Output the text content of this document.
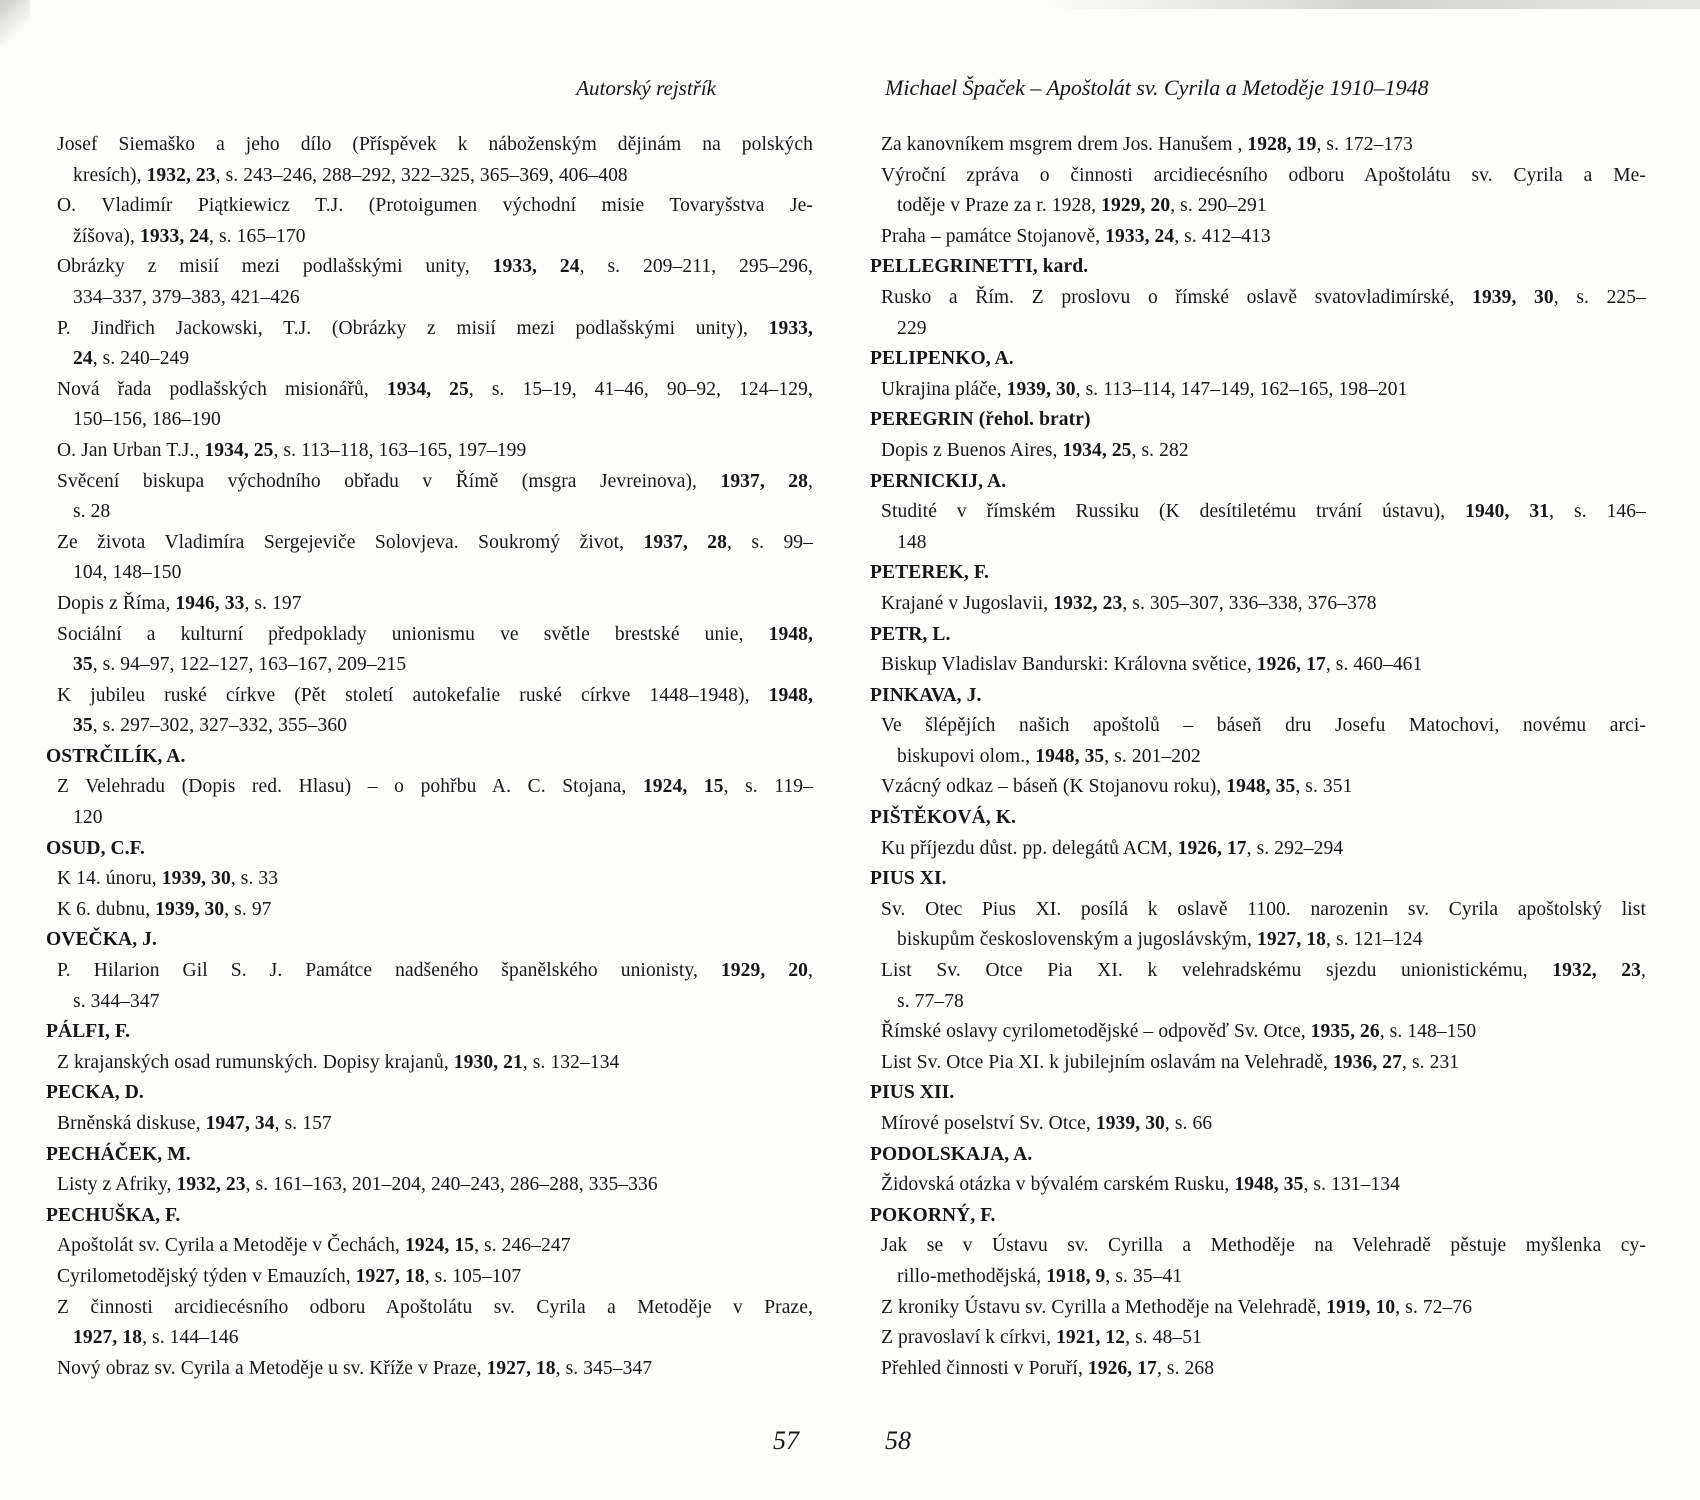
Autorský rejstřík	Michael Špaček – Apoštolát sv. Cyrila a Metoděje 1910–1948
Josef Siemaško a jeho dílo (Příspěvek k náboženským dějinám na polských
kresích), 1932, 23, s. 243–246, 288–292, 322–325, 365–369, 406–408
O. Vladimír Piątkiewicz T.J. (Protoigumen východní misie Tovaryšstva Je-
žíšova), 1933, 24, s. 165–170
Obrázky z misií mezi podlašskými unity, 1933, 24, s. 209–211, 295–296,
334–337, 379–383, 421–426
P. Jindřich Jackowski, T.J. (Obrázky z misií mezi podlašskými unity), 1933,
24, s. 240–249
Nová řada podlašských misionářů, 1934, 25, s. 15–19, 41–46, 90–92, 124–129,
150–156, 186–190
O. Jan Urban T.J., 1934, 25, s. 113–118, 163–165, 197–199
Svěcení biskupa východního obřadu v Římě (msgra Jevreinova), 1937, 28,
s. 28
Ze života Vladimíra Sergejeviče Solovjeva. Soukromý život, 1937, 28, s. 99–
104, 148–150
Dopis z Říma, 1946, 33, s. 197
Sociální a kulturní předpoklady unionismu ve světle brestské unie, 1948,
35, s. 94–97, 122–127, 163–167, 209–215
K jubileu ruské církve (Pět století autokefalie ruské církve 1448–1948), 1948,
35, s. 297–302, 327–332, 355–360
OSTRČILÍK, A.
Z Velehradu (Dopis red. Hlasu) – o pohřbu A. C. Stojana, 1924, 15, s. 119–
120
OSUD, C.F.
K 14. únoru, 1939, 30, s. 33
K 6. dubnu, 1939, 30, s. 97
OVEČKA, J.
P. Hilarion Gil S. J. Památce nadšeného španělského unionisty, 1929, 20,
s. 344–347
PÁLFI, F.
Z krajanských osad rumunských. Dopisy krajanů, 1930, 21, s. 132–134
PECKA, D.
Brněnská diskuse, 1947, 34, s. 157
PECHÁČEK, M.
Listy z Afriky, 1932, 23, s. 161–163, 201–204, 240–243, 286–288, 335–336
PECHUŠKA, F.
Apoštolát sv. Cyrila a Metoděje v Čechách, 1924, 15, s. 246–247
Cyrilometodějský týden v Emauzích, 1927, 18, s. 105–107
Z činnosti arcidiecésního odboru Apoštolátu sv. Cyrila a Metoděje v Praze,
1927, 18, s. 144–146
Nový obraz sv. Cyrila a Metoděje u sv. Kříže v Praze, 1927, 18, s. 345–347
Za kanovníkem msgrem drem Jos. Hanušem , 1928, 19, s. 172–173
Výroční zpráva o činnosti arcidiecésního odboru Apoštolátu sv. Cyrila a Me-
toděje v Praze za r. 1928, 1929, 20, s. 290–291
Praha – památce Stojanově, 1933, 24, s. 412–413
PELLEGRINETTI, kard.
Rusko a Řím. Z proslovu o římské oslavě svatovladimírské, 1939, 30, s. 225–
229
PELIPENKO, A.
Ukrajina pláče, 1939, 30, s. 113–114, 147–149, 162–165, 198–201
PEREGRIN (řehol. bratr)
Dopis z Buenos Aires, 1934, 25, s. 282
PERNICKIJ, A.
Studité v římském Russiku (K desítiletému trvání ústavu), 1940, 31, s. 146–
148
PETEREK, F.
Krajané v Jugoslavii, 1932, 23, s. 305–307, 336–338, 376–378
PETR, L.
Biskup Vladislav Bandurski: Královna světice, 1926, 17, s. 460–461
PINKAVA, J.
Ve šlépějích našich apoštolů – báseň dru Josefu Matochovi, novému arci-
biskupovi olom., 1948, 35, s. 201–202
Vzácný odkaz – báseň (K Stojanovu roku), 1948, 35, s. 351
PIŠTĚKOVÁ, K.
Ku příjezdu důst. pp. delegátů ACM, 1926, 17, s. 292–294
PIUS XI.
Sv. Otec Pius XI. posílá k oslavě 1100. narozenin sv. Cyrila apoštolský list
biskupům československým a jugoslávským, 1927, 18, s. 121–124
List Sv. Otce Pia XI. k velehradskému sjezdu unionistickému, 1932, 23,
s. 77–78
Římské oslavy cyrilometodějské – odpověď Sv. Otce, 1935, 26, s. 148–150
List Sv. Otce Pia XI. k jubilejním oslavám na Velehradě, 1936, 27, s. 231
PIUS XII.
Mírové poselství Sv. Otce, 1939, 30, s. 66
PODOLSKAJA, A.
Židovská otázka v bývalém carském Rusku, 1948, 35, s. 131–134
POKORNÝ, F.
Jak se v Ústavu sv. Cyrilla a Methoděje na Velehradě pěstuje myšlenka cy-
rillo-methodějská, 1918, 9, s. 35–41
Z kroniky Ústavu sv. Cyrilla a Methoděje na Velehradě, 1919, 10, s. 72–76
Z pravoslaví k církvi, 1921, 12, s. 48–51
Přehled činnosti v Poruří, 1926, 17, s. 268
57	58
